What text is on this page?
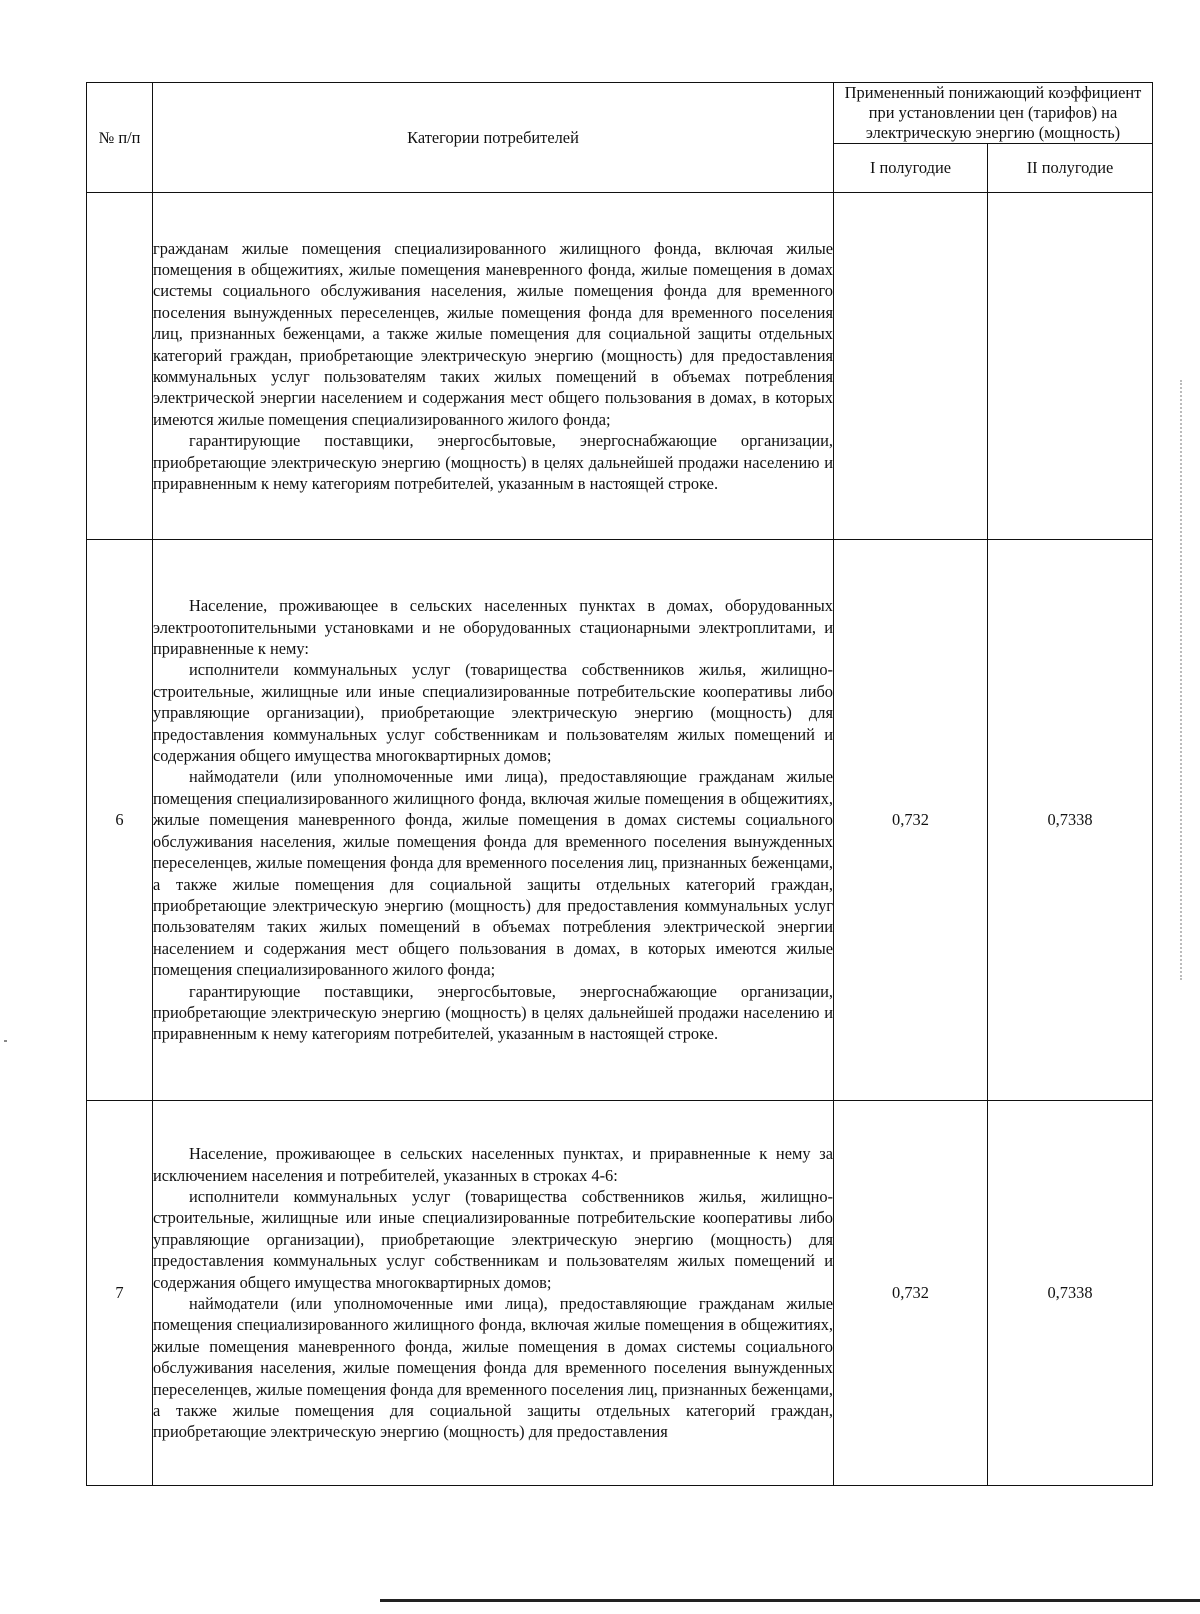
№ п/п	Категории потребителей	Примененный понижающий коэффициент при установлении цен (тарифов) на электрическую энергию (мощность)	
		I полугодие	II полугодие

	гражданам жилые помещения специализированного жилищного фонда, включая жилые помещения в общежитиях, жилые помещения маневренного фонда, жилые помещения в домах системы социального обслуживания населения, жилые помещения фонда для временного поселения вынужденных переселенцев, жилые помещения фонда для временного поселения лиц, признанных беженцами, а также жилые помещения для социальной защиты отдельных категорий граждан, приобретающие электрическую энергию (мощность) для предоставления коммунальных услуг пользователям таких жилых помещений в объемах потребления электрической энергии населением и содержания мест общего пользования в домах, в которых имеются жилые помещения специализированного жилого фонда;

гарантирующие поставщики, энергосбытовые, энергоснабжающие организации, приобретающие электрическую энергию (мощность) в целях дальнейшей продажи населению и приравненным к нему категориям потребителей, указанным в настоящей строке.		

6	Население, проживающее в сельских населенных пунктах в домах, оборудованных электроотопительными установками и не оборудованных стационарными электроплитами, и приравненные к нему:

исполнители коммунальных услуг (товарищества собственников жилья, жилищно-строительные, жилищные или иные специализированные потребительские кооперативы либо управляющие организации), приобретающие электрическую энергию (мощность) для предоставления коммунальных услуг собственникам и пользователям жилых помещений и содержания общего имущества многоквартирных домов;

наймодатели (или уполномоченные ими лица), предоставляющие гражданам жилые помещения специализированного жилищного фонда, включая жилые помещения в общежитиях, жилые помещения маневренного фонда, жилые помещения в домах системы социального обслуживания населения, жилые помещения фонда для временного поселения вынужденных переселенцев, жилые помещения фонда для временного поселения лиц, признанных беженцами, а также жилые помещения для социальной защиты отдельных категорий граждан, приобретающие электрическую энергию (мощность) для предоставления коммунальных услуг пользователям таких жилых помещений в объемах потребления электрической энергии населением и содержания мест общего пользования в домах, в которых имеются жилые помещения специализированного жилого фонда;

гарантирующие поставщики, энергосбытовые, энергоснабжающие организации, приобретающие электрическую энергию (мощность) в целях дальнейшей продажи населению и приравненным к нему категориям потребителей, указанным в настоящей строке.	0,732	0,7338
7	Население, проживающее в сельских населенных пунктах, и приравненные к нему за исключением населения и потребителей, указанных в строках 4-6:

исполнители коммунальных услуг (товарищества собственников жилья, жилищно-строительные, жилищные или иные специализированные потребительские кооперативы либо управляющие организации), приобретающие электрическую энергию (мощность) для предоставления коммунальных услуг собственникам и пользователям жилых помещений и содержания общего имущества многоквартирных домов;

наймодатели (или уполномоченные ими лица), предоставляющие гражданам жилые помещения специализированного жилищного фонда, включая жилые помещения в общежитиях, жилые помещения маневренного фонда, жилые помещения в домах системы социального обслуживания населения, жилые помещения фонда для временного поселения вынужденных переселенцев, жилые помещения фонда для временного поселения лиц, признанных беженцами, а также жилые помещения для социальной защиты отдельных категорий граждан, приобретающие электрическую энергию (мощность) для предоставления	0,732	0,7338
